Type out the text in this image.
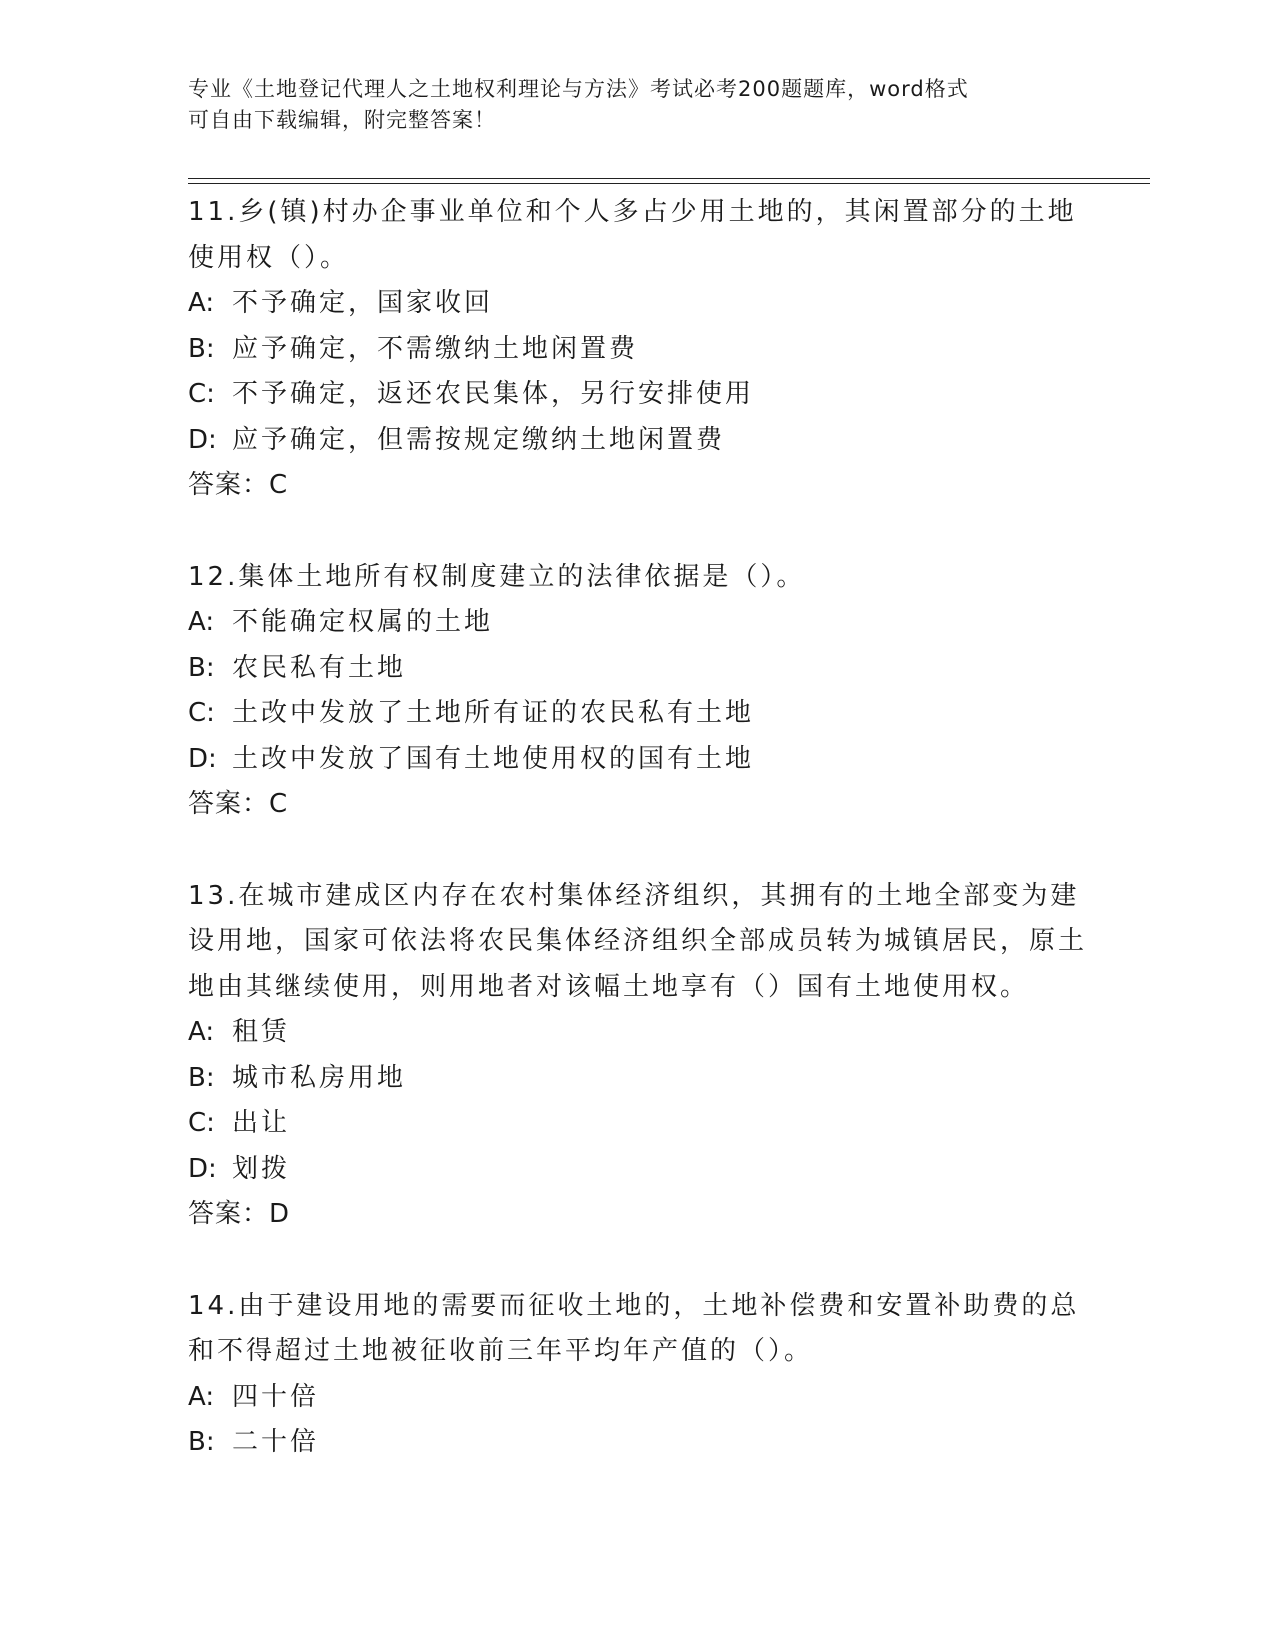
专业《土地登记代理人之土地权利理论与方法》考试必考200题题库，word格式
可自由下载编辑，附完整答案！
11.乡(镇)村办企事业单位和个人多占少用土地的，其闲置部分的土地使用权（）。
A: 不予确定，国家收回
B: 应予确定，不需缴纳土地闲置费
C: 不予确定，返还农民集体，另行安排使用
D: 应予确定，但需按规定缴纳土地闲置费
答案：C
12.集体土地所有权制度建立的法律依据是（）。
A: 不能确定权属的土地
B: 农民私有土地
C: 土改中发放了土地所有证的农民私有土地
D: 土改中发放了国有土地使用权的国有土地
答案：C
13.在城市建成区内存在农村集体经济组织，其拥有的土地全部变为建设用地，国家可依法将农民集体经济组织全部成员转为城镇居民，原土地由其继续使用，则用地者对该幅土地享有（）国有土地使用权。
A: 租赁
B: 城市私房用地
C: 出让
D: 划拨
答案：D
14.由于建设用地的需要而征收土地的，土地补偿费和安置补助费的总和不得超过土地被征收前三年平均年产值的（）。
A: 四十倍
B: 二十倍
